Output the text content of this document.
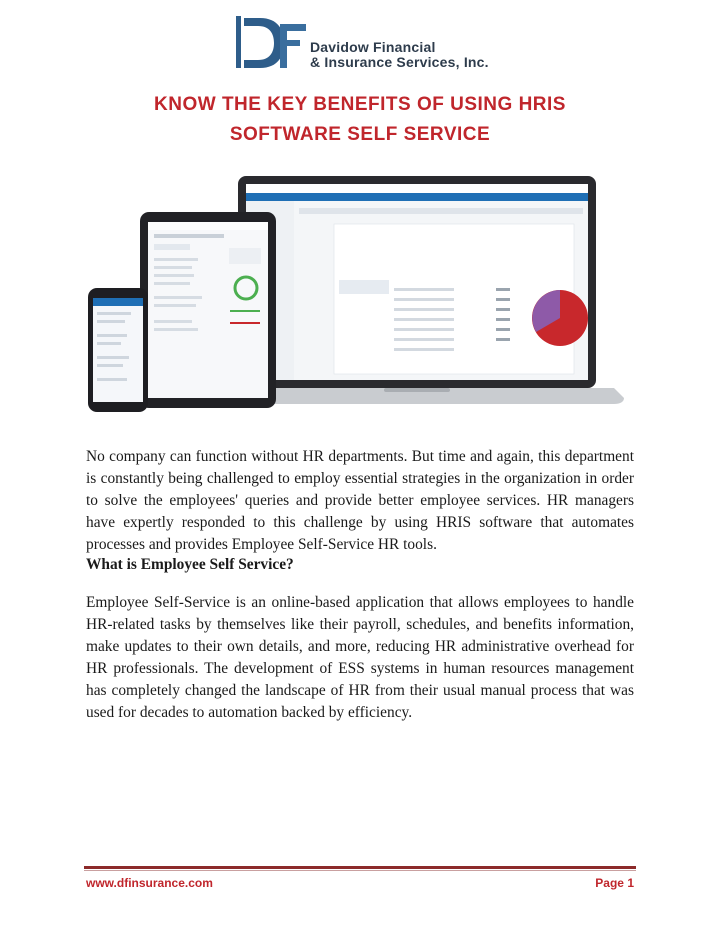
Davidow Financial
& Insurance Services, Inc.
KNOW THE KEY BENEFITS OF USING HRIS
SOFTWARE SELF SERVICE

No company can function without HR departments. But time and again, this department is constantly being challenged to employ essential strategies in the organization in order to solve the employees' queries and provide better employee services. HR managers have expertly responded to this challenge by using HRIS software that automates processes and provides Employee Self-Service HR tools.

What is Employee Self Service?

Employee Self-Service is an online-based application that allows employees to handle HR-related tasks by themselves like their payroll, schedules, and benefits information, make updates to their own details, and more, reducing HR administrative overhead for HR professionals. The development of ESS systems in human resources management has completely changed the landscape of HR from their usual manual process that was used for decades to automation backed by efficiency.

www.dfinsurance.com	Page 1
